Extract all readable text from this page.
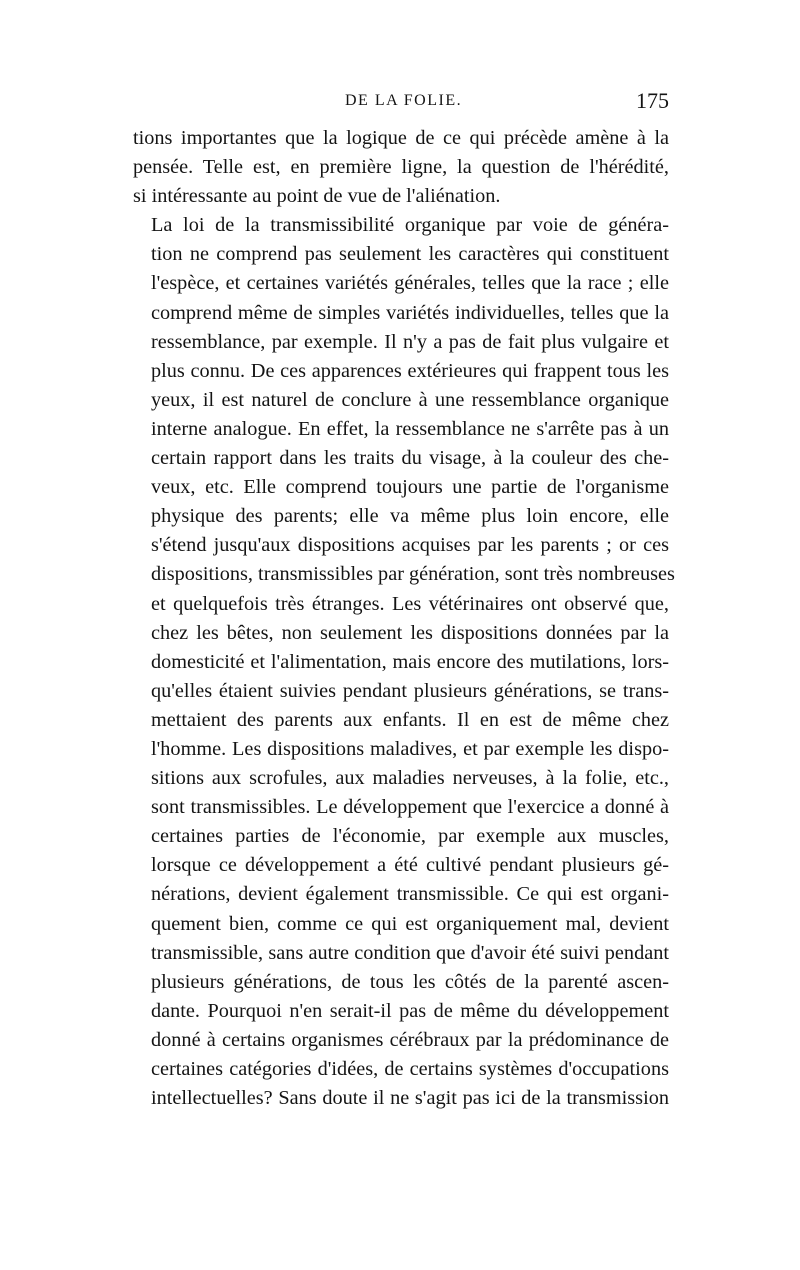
DE LA FOLIE.	175
tions importantes que la logique de ce qui précède amène à la
pensée. Telle est, en première ligne, la question de l'hérédité,
si intéressante au point de vue de l'aliénation.
La loi de la transmissibilité organique par voie de généra-
tion ne comprend pas seulement les caractères qui constituent
l'espèce, et certaines variétés générales, telles que la race ; elle
comprend même de simples variétés individuelles, telles que la
ressemblance, par exemple. Il n'y a pas de fait plus vulgaire et
plus connu. De ces apparences extérieures qui frappent tous les
yeux, il est naturel de conclure à une ressemblance organique
interne analogue. En effet, la ressemblance ne s'arrête pas à un
certain rapport dans les traits du visage, à la couleur des che-
veux, etc. Elle comprend toujours une partie de l'organisme
physique des parents; elle va même plus loin encore, elle
s'étend jusqu'aux dispositions acquises par les parents ; or ces
dispositions, transmissibles par génération, sont très nombreuses
et quelquefois très étranges. Les vétérinaires ont observé que,
chez les bêtes, non seulement les dispositions données par la
domesticité et l'alimentation, mais encore des mutilations, lors-
qu'elles étaient suivies pendant plusieurs générations, se trans-
mettaient des parents aux enfants. Il en est de même chez
l'homme. Les dispositions maladives, et par exemple les dispo-
sitions aux scrofules, aux maladies nerveuses, à la folie, etc.,
sont transmissibles. Le développement que l'exercice a donné à
certaines parties de l'économie, par exemple aux muscles,
lorsque ce développement a été cultivé pendant plusieurs gé-
nérations, devient également transmissible. Ce qui est organi-
quement bien, comme ce qui est organiquement mal, devient
transmissible, sans autre condition que d'avoir été suivi pendant
plusieurs générations, de tous les côtés de la parenté ascen-
dante. Pourquoi n'en serait-il pas de même du développement
donné à certains organismes cérébraux par la prédominance de
certaines catégories d'idées, de certains systèmes d'occupations
intellectuelles? Sans doute il ne s'agit pas ici de la transmission
